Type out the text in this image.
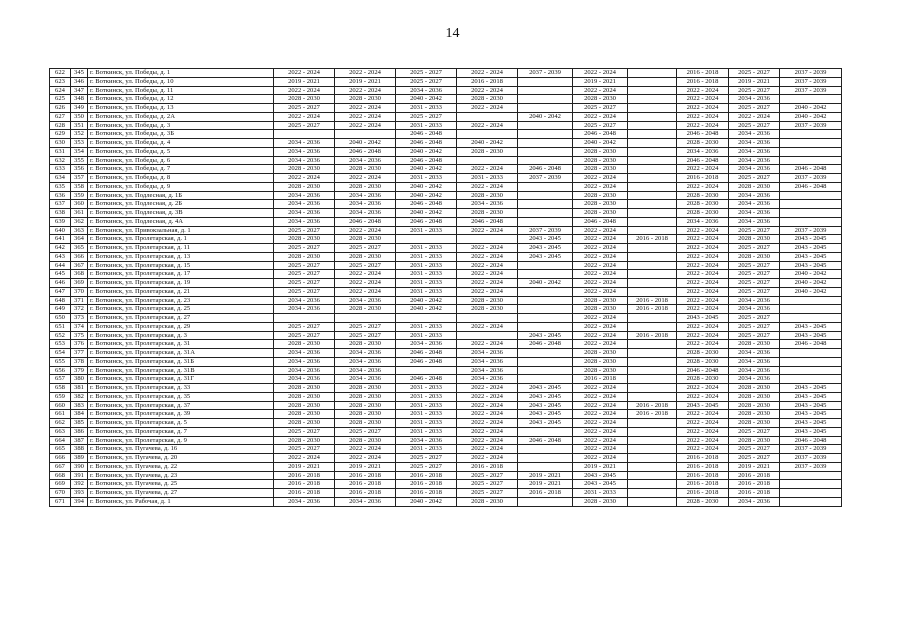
14
622	345	г. Воткинск, ул. Победы, д. 1	2022 - 2024	2022 - 2024	2025 - 2027	2022 - 2024	2037 - 2039	2022 - 2024		2016 - 2018	2025 - 2027	2037 - 2039
623	346	г. Воткинск, ул. Победы, д. 10	2019 - 2021	2019 - 2021	2025 - 2027	2016 - 2018		2019 - 2021		2016 - 2018	2019 - 2021	2037 - 2039
624	347	г. Воткинск, ул. Победы, д. 11	2022 - 2024	2022 - 2024	2034 - 2036	2022 - 2024		2022 - 2024		2022 - 2024	2025 - 2027	2037 - 2039
625	348	г. Воткинск, ул. Победы, д. 12	2028 - 2030	2028 - 2030	2040 - 2042	2028 - 2030		2028 - 2030		2022 - 2024	2034 - 2036	
626	349	г. Воткинск, ул. Победы, д. 13	2025 - 2027	2022 - 2024	2031 - 2033	2022 - 2024		2025 - 2027		2022 - 2024	2025 - 2027	2040 - 2042
627	350	г. Воткинск, ул. Победы, д. 2А	2022 - 2024	2022 - 2024	2025 - 2027		2040 - 2042	2022 - 2024		2022 - 2024	2022 - 2024	2040 - 2042
628	351	г. Воткинск, ул. Победы, д. 3	2025 - 2027	2022 - 2024	2031 - 2033	2022 - 2024		2025 - 2027		2022 - 2024	2025 - 2027	2037 - 2039
629	352	г. Воткинск, ул. Победы, д. 3Б			2046 - 2048			2046 - 2048		2046 - 2048	2034 - 2036	
630	353	г. Воткинск, ул. Победы, д. 4	2034 - 2036	2040 - 2042	2046 - 2048	2040 - 2042		2040 - 2042		2028 - 2030	2034 - 2036	
631	354	г. Воткинск, ул. Победы, д. 5	2034 - 2036	2046 - 2048	2040 - 2042	2028 - 2030		2028 - 2030		2034 - 2036	2034 - 2036	
632	355	г. Воткинск, ул. Победы, д. 6	2034 - 2036	2034 - 2036	2046 - 2048			2028 - 2030		2046 - 2048	2034 - 2036	
633	356	г. Воткинск, ул. Победы, д. 7	2028 - 2030	2028 - 2030	2040 - 2042	2022 - 2024	2046 - 2048	2028 - 2030		2022 - 2024	2034 - 2036	2046 - 2048
634	357	г. Воткинск, ул. Победы, д. 8	2022 - 2024	2022 - 2024	2031 - 2033	2031 - 2033	2037 - 2039	2022 - 2024		2016 - 2018	2025 - 2027	2037 - 2039
635	358	г. Воткинск, ул. Победы, д. 9	2028 - 2030	2028 - 2030	2040 - 2042	2022 - 2024		2022 - 2024		2022 - 2024	2028 - 2030	2046 - 2048
636	359	г. Воткинск, ул. Подлесная, д. 1Б	2034 - 2036	2034 - 2036	2040 - 2042	2028 - 2030		2028 - 2030		2028 - 2030	2034 - 2036	
637	360	г. Воткинск, ул. Подлесная, д. 2Б	2034 - 2036	2034 - 2036	2046 - 2048	2034 - 2036		2028 - 2030		2028 - 2030	2034 - 2036	
638	361	г. Воткинск, ул. Подлесная, д. 3В	2034 - 2036	2034 - 2036	2040 - 2042	2028 - 2030		2028 - 2030		2028 - 2030	2034 - 2036	
639	362	г. Воткинск, ул. Подлесная, д. 4А	2034 - 2036	2046 - 2048	2046 - 2048	2046 - 2048		2046 - 2048		2034 - 2036	2034 - 2036	
640	363	г. Воткинск, ул. Привокзальная, д. 1	2025 - 2027	2022 - 2024	2031 - 2033	2022 - 2024	2037 - 2039	2022 - 2024		2022 - 2024	2025 - 2027	2037 - 2039
641	364	г. Воткинск, ул. Пролетарская, д. 1	2028 - 2030	2028 - 2030			2043 - 2045	2022 - 2024	2016 - 2018	2022 - 2024	2028 - 2030	2043 - 2045
642	365	г. Воткинск, ул. Пролетарская, д. 11	2025 - 2027	2025 - 2027	2031 - 2033	2022 - 2024	2043 - 2045	2022 - 2024		2022 - 2024	2025 - 2027	2043 - 2045
643	366	г. Воткинск, ул. Пролетарская, д. 13	2028 - 2030	2028 - 2030	2031 - 2033	2022 - 2024	2043 - 2045	2022 - 2024		2022 - 2024	2028 - 2030	2043 - 2045
644	367	г. Воткинск, ул. Пролетарская, д. 15	2025 - 2027	2025 - 2027	2031 - 2033	2022 - 2024		2022 - 2024		2022 - 2024	2025 - 2027	2043 - 2045
645	368	г. Воткинск, ул. Пролетарская, д. 17	2025 - 2027	2022 - 2024	2031 - 2033	2022 - 2024		2022 - 2024		2022 - 2024	2025 - 2027	2040 - 2042
646	369	г. Воткинск, ул. Пролетарская, д. 19	2025 - 2027	2022 - 2024	2031 - 2033	2022 - 2024	2040 - 2042	2022 - 2024		2022 - 2024	2025 - 2027	2040 - 2042
647	370	г. Воткинск, ул. Пролетарская, д. 21	2025 - 2027	2022 - 2024	2031 - 2033	2022 - 2024		2022 - 2024		2022 - 2024	2025 - 2027	2040 - 2042
648	371	г. Воткинск, ул. Пролетарская, д. 23	2034 - 2036	2034 - 2036	2040 - 2042	2028 - 2030		2028 - 2030	2016 - 2018	2022 - 2024	2034 - 2036	
649	372	г. Воткинск, ул. Пролетарская, д. 25	2034 - 2036	2028 - 2030	2040 - 2042	2028 - 2030		2028 - 2030	2016 - 2018	2022 - 2024	2034 - 2036	
650	373	г. Воткинск, ул. Пролетарская, д. 27						2022 - 2024		2043 - 2045	2025 - 2027	
651	374	г. Воткинск, ул. Пролетарская, д. 29	2025 - 2027	2025 - 2027	2031 - 2033	2022 - 2024		2022 - 2024		2022 - 2024	2025 - 2027	2043 - 2045
652	375	г. Воткинск, ул. Пролетарская, д. 3	2025 - 2027	2025 - 2027	2031 - 2033		2043 - 2045	2022 - 2024	2016 - 2018	2022 - 2024	2025 - 2027	2043 - 2045
653	376	г. Воткинск, ул. Пролетарская, д. 31	2028 - 2030	2028 - 2030	2034 - 2036	2022 - 2024	2046 - 2048	2022 - 2024		2022 - 2024	2028 - 2030	2046 - 2048
654	377	г. Воткинск, ул. Пролетарская, д. 31А	2034 - 2036	2034 - 2036	2046 - 2048	2034 - 2036		2028 - 2030		2028 - 2030	2034 - 2036	
655	378	г. Воткинск, ул. Пролетарская, д. 31Б	2034 - 2036	2034 - 2036	2046 - 2048	2034 - 2036		2028 - 2030		2028 - 2030	2034 - 2036	
656	379	г. Воткинск, ул. Пролетарская, д. 31В	2034 - 2036	2034 - 2036		2034 - 2036		2028 - 2030		2046 - 2048	2034 - 2036	
657	380	г. Воткинск, ул. Пролетарская, д. 31Г	2034 - 2036	2034 - 2036	2046 - 2048	2034 - 2036		2016 - 2018		2028 - 2030	2034 - 2036	
658	381	г. Воткинск, ул. Пролетарская, д. 33	2028 - 2030	2028 - 2030	2031 - 2033	2022 - 2024	2043 - 2045	2022 - 2024		2022 - 2024	2028 - 2030	2043 - 2045
659	382	г. Воткинск, ул. Пролетарская, д. 35	2028 - 2030	2028 - 2030	2031 - 2033	2022 - 2024	2043 - 2045	2022 - 2024		2022 - 2024	2028 - 2030	2043 - 2045
660	383	г. Воткинск, ул. Пролетарская, д. 37	2028 - 2030	2028 - 2030	2031 - 2033	2022 - 2024	2043 - 2045	2022 - 2024	2016 - 2018	2043 - 2045	2028 - 2030	2043 - 2045
661	384	г. Воткинск, ул. Пролетарская, д. 39	2028 - 2030	2028 - 2030	2031 - 2033	2022 - 2024	2043 - 2045	2022 - 2024	2016 - 2018	2022 - 2024	2028 - 2030	2043 - 2045
662	385	г. Воткинск, ул. Пролетарская, д. 5	2028 - 2030	2028 - 2030	2031 - 2033	2022 - 2024	2043 - 2045	2022 - 2024		2022 - 2024	2028 - 2030	2043 - 2045
663	386	г. Воткинск, ул. Пролетарская, д. 7	2025 - 2027	2025 - 2027	2031 - 2033	2022 - 2024		2022 - 2024		2022 - 2024	2025 - 2027	2043 - 2045
664	387	г. Воткинск, ул. Пролетарская, д. 9	2028 - 2030	2028 - 2030	2034 - 2036	2022 - 2024	2046 - 2048	2022 - 2024		2022 - 2024	2028 - 2030	2046 - 2048
665	388	г. Воткинск, ул. Пугачева, д. 16	2025 - 2027	2022 - 2024	2031 - 2033	2022 - 2024		2022 - 2024		2022 - 2024	2025 - 2027	2037 - 2039
666	389	г. Воткинск, ул. Пугачева, д. 20	2022 - 2024	2022 - 2024	2025 - 2027	2022 - 2024		2022 - 2024		2016 - 2018	2025 - 2027	2037 - 2039
667	390	г. Воткинск, ул. Пугачева, д. 22	2019 - 2021	2019 - 2021	2025 - 2027	2016 - 2018		2019 - 2021		2016 - 2018	2019 - 2021	2037 - 2039
668	391	г. Воткинск, ул. Пугачева, д. 23	2016 - 2018	2016 - 2018	2016 - 2018	2025 - 2027	2019 - 2021	2043 - 2045		2016 - 2018	2016 - 2018	
669	392	г. Воткинск, ул. Пугачева, д. 25	2016 - 2018	2016 - 2018	2016 - 2018	2025 - 2027	2019 - 2021	2043 - 2045		2016 - 2018	2016 - 2018	
670	393	г. Воткинск, ул. Пугачева, д. 27	2016 - 2018	2016 - 2018	2016 - 2018	2025 - 2027	2016 - 2018	2031 - 2033		2016 - 2018	2016 - 2018	
671	394	г. Воткинск, ул. Рабочая, д. 1	2034 - 2036	2034 - 2036	2040 - 2042	2028 - 2030		2028 - 2030		2028 - 2030	2034 - 2036	
